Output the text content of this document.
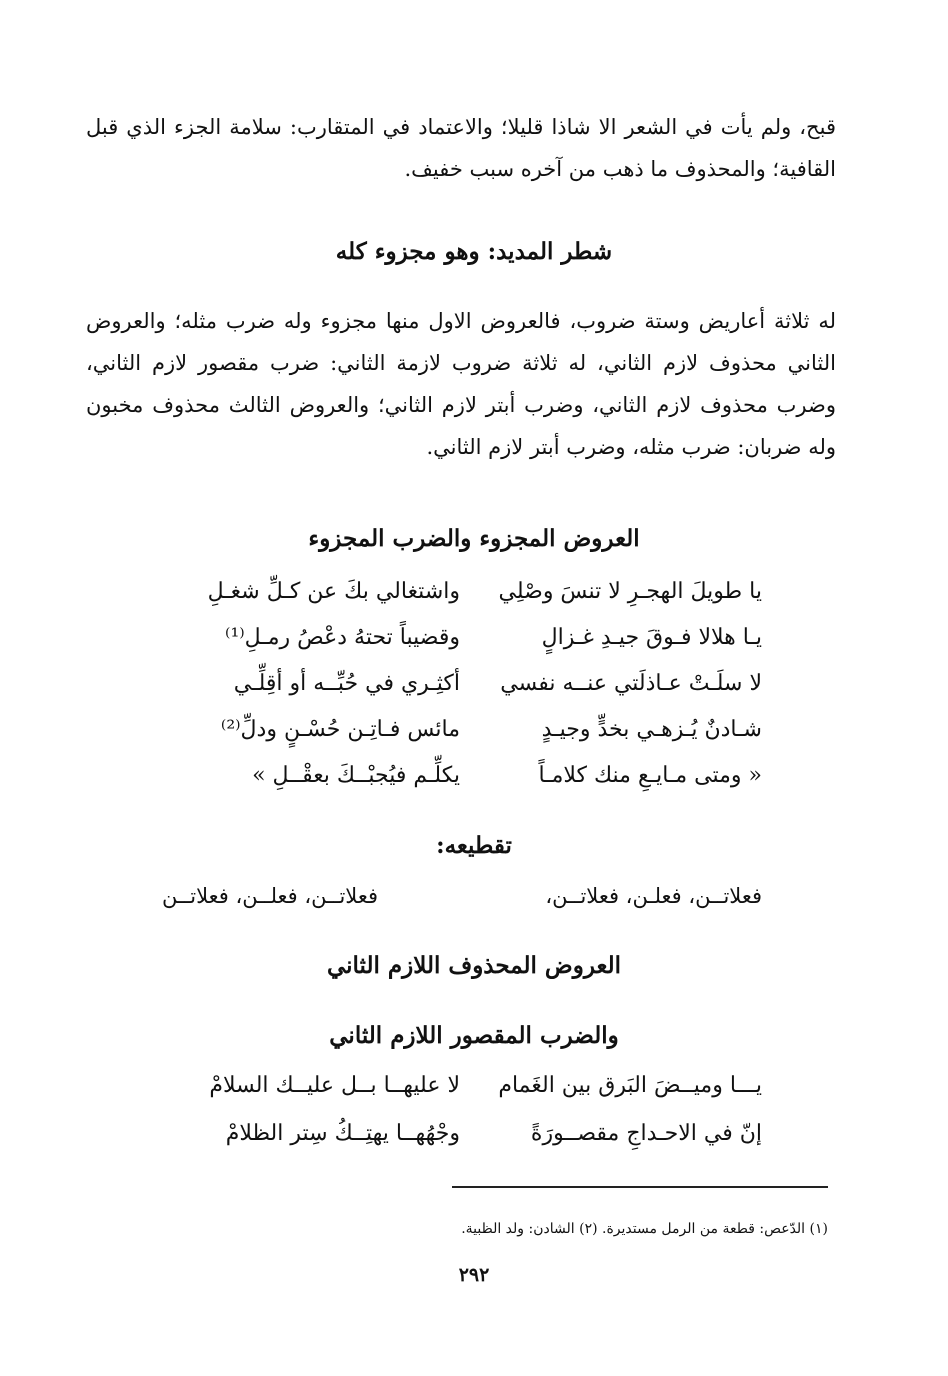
قبح، ولم يأت في الشعر الا شاذا قليلا؛ والاعتماد في المتقارب: سلامة الجزء الذي قبل القافية؛ والمحذوف ما ذهب من آخره سبب خفيف.

شطر المديد: وهو مجزوء كله

له ثلاثة أعاريض وستة ضروب، فالعروض الاول منها مجزوء وله ضرب مثله؛ والعروض الثاني محذوف لازم الثاني، له ثلاثة ضروب لازمة الثاني: ضرب مقصور لازم الثاني، وضرب محذوف لازم الثاني، وضرب أبتر لازم الثاني؛ والعروض الثالث محذوف مخبون وله ضربان: ضرب مثله، وضرب أبتر لازم الثاني.

العروض المجزوء والضرب المجزوء
يا طويلَ الهجـرِ لا تنسَ وصْلِي
واشتغالي بكَ عن كـلِّ شغـلِ
يـا هلالا فـوقَ جيـدِ غـزالٍ
وقضيباً تحتهُ دعْصُ رمـلِ⁽¹⁾
لا سلَـتْ عـاذلَتي عنــه نفسي
أكثِـري في حُبِّــه أو أقِلِّـي
شـادنٌ يُـزهـي بخدٍّ وجيـدٍ
مائس فـاتِـن حُسْـنٍ ودلِّ⁽²⁾
« ومتى مـايـعِ منك كلامـاً
يكلِّـم فيُجبْــكَ بعقْــلِ »
تقطيعه:
فعلاتــن، فعلـن، فعلاتــن،
فعلاتــن، فعلــن، فعلاتــن
العروض المحذوف اللازم الثاني
والضرب المقصور اللازم الثاني
يـــا وميــضَ البَرق بين الغَمام
لا عليهــا بــل عليــك السلامْ
إنّ في الاحـداجِ مقصــورَةً
وجْهُهــا يهتِــكُ سِتر الظلامْ
(١) الدّعص: قطعة من الرمل مستديرة. (٢) الشادن: ولد الظبية.
٢٩٢
